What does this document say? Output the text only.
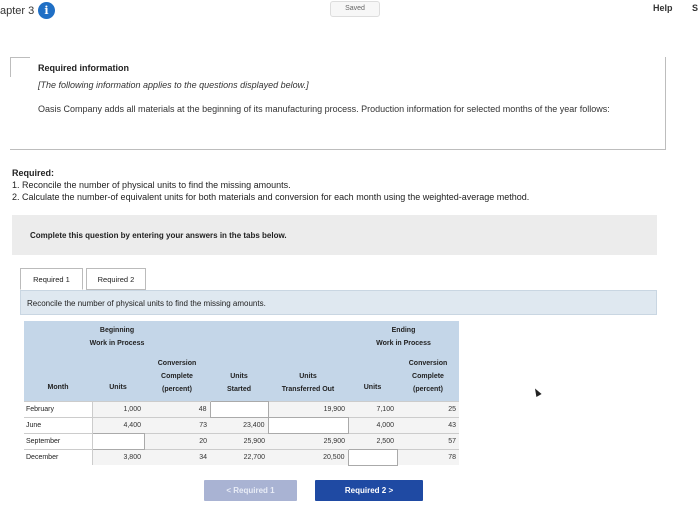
apter 3 i	Saved	Help S
Required information
[The following information applies to the questions displayed below.]
Oasis Company adds all materials at the beginning of its manufacturing process. Production information for selected months of the year follows:
Required:
1. Reconcile the number of physical units to find the missing amounts.
2. Calculate the number-of equivalent units for both materials and conversion for each month using the weighted-average method.
Complete this question by entering your answers in the tabs below.
Required 1	Required 2
Reconcile the number of physical units to find the missing amounts.
Beginning
Work in Process					Ending
Work in Process	

Month	Units	Conversion
Complete
(percent)	Units
Started	Units
Transferred Out	Units	Conversion
Complete
(percent)
February	1,000	48		19,900	7,100	25
June	4,400	73	23,400		4,000	43
September		20	25,900	25,900	2,500	57
December	3,800	34	22,700	20,500		78
< Required 1	Required 2 >
